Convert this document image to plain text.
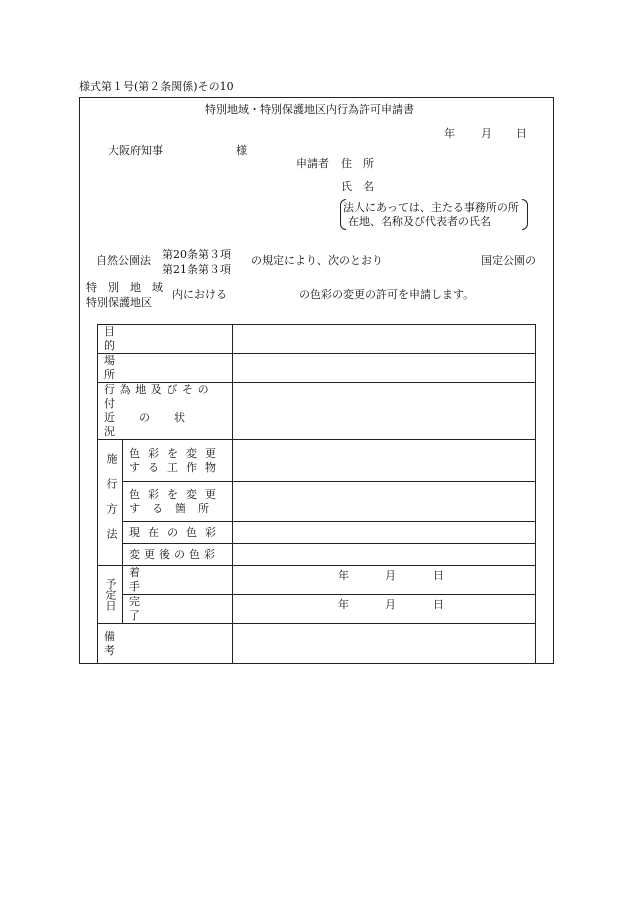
様式第１号(第２条関係)その10
特別地域・特別保護地区内行為許可申請書
年 月 日
大阪府知事	様
申請者 住　所
氏　名
法人にあっては、主たる事務所の所
在地、名称及び代表者の氏名
自然公園法 第20条第３項
第21条第３項
の規定により、次のとおり	国定公園の
特　別　地　域
特別保護地区
内における	の色彩の変更の許可を申請します。
目的		

場所		

行為地及びその付
近の状況		

施行方法	色彩を変更
する工作物	

	色彩を変更
する箇所	

	現在の色彩	
	変更後の色彩	

予定日	着手	年 月 日

	完了	年 月 日

備考		
